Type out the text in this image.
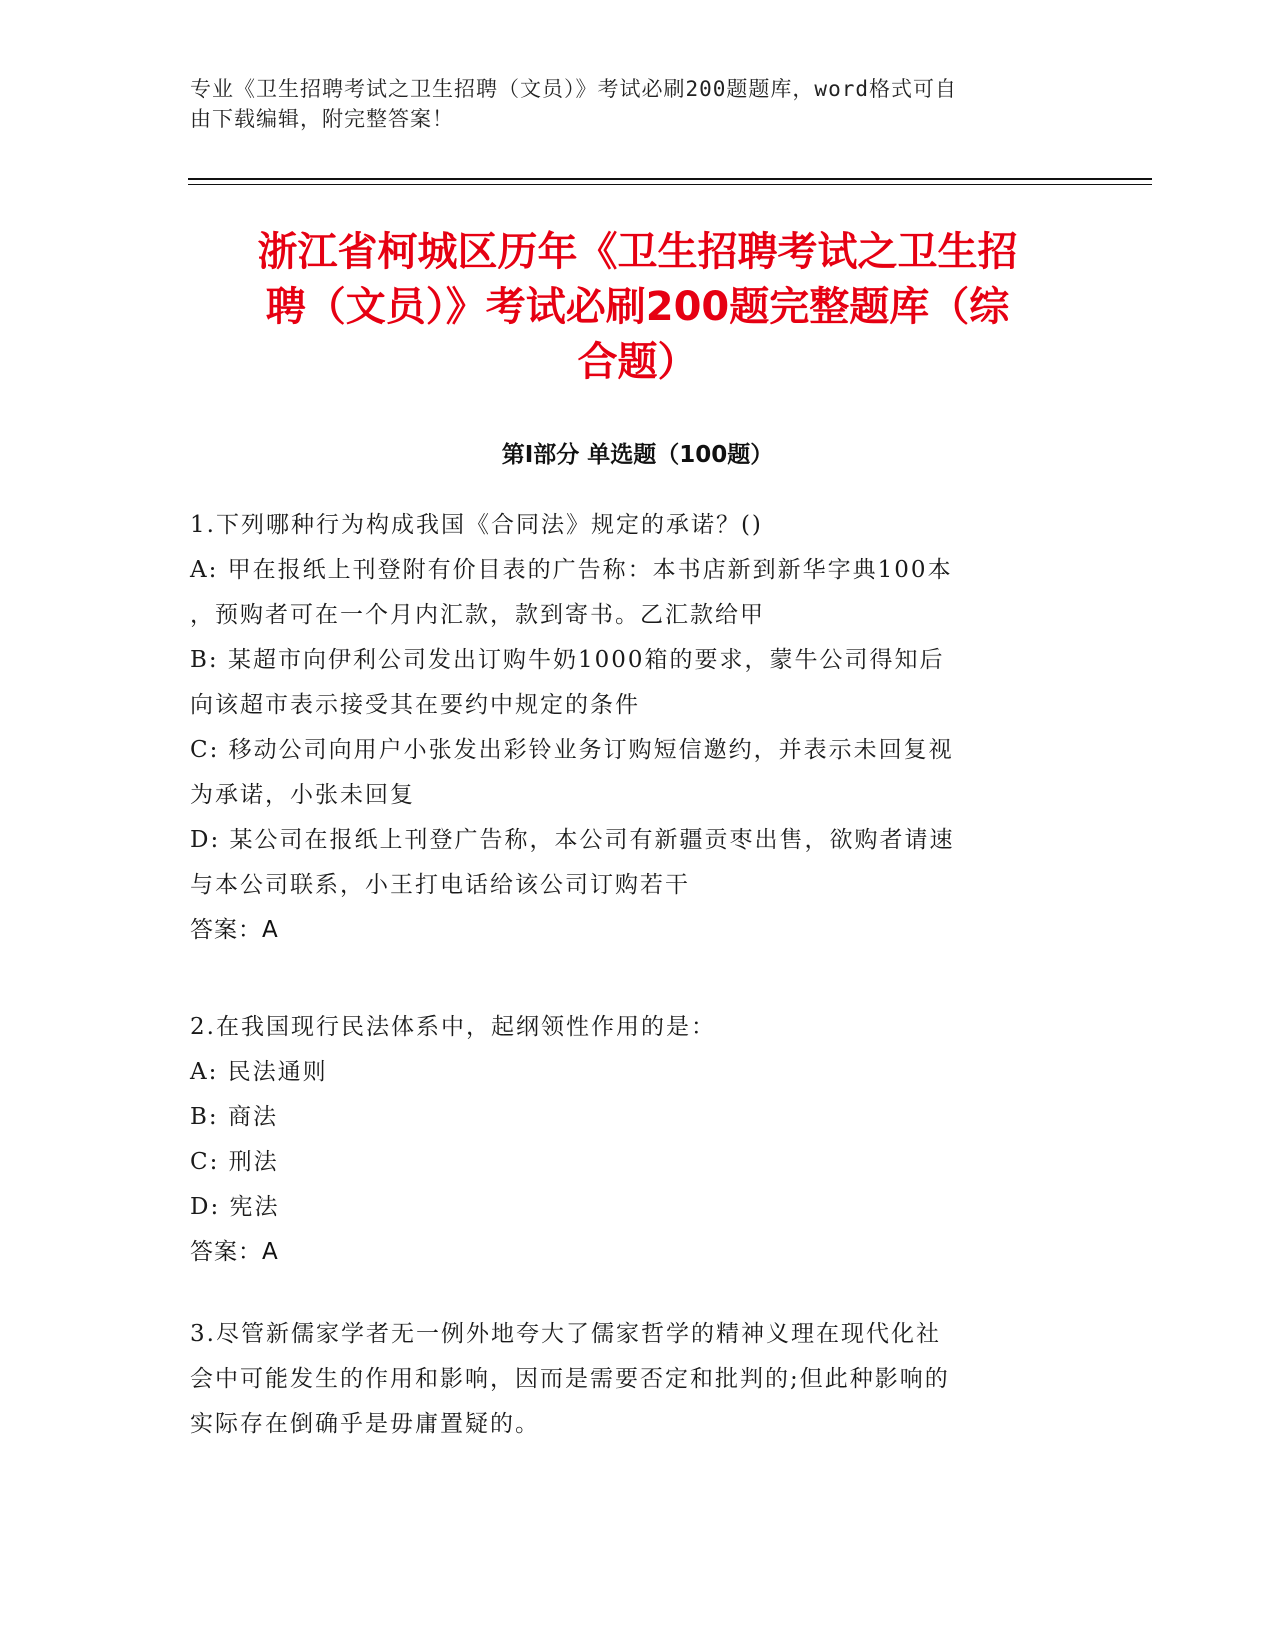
专业《卫生招聘考试之卫生招聘（文员）》考试必刷200题题库，word格式可自
由下载编辑，附完整答案！
浙江省柯城区历年《卫生招聘考试之卫生招
聘（文员）》考试必刷200题完整题库（综
合题）
第Ⅰ部分 单选题（100题）
1.下列哪种行为构成我国《合同法》规定的承诺？()
A: 甲在报纸上刊登附有价目表的广告称：本书店新到新华字典100本
，预购者可在一个月内汇款，款到寄书。乙汇款给甲
B: 某超市向伊利公司发出订购牛奶1000箱的要求，蒙牛公司得知后
向该超市表示接受其在要约中规定的条件
C: 移动公司向用户小张发出彩铃业务订购短信邀约，并表示未回复视
为承诺，小张未回复
D: 某公司在报纸上刊登广告称，本公司有新疆贡枣出售，欲购者请速
与本公司联系，小王打电话给该公司订购若干
答案：A
2.在我国现行民法体系中，起纲领性作用的是：
A: 民法通则
B: 商法
C: 刑法
D: 宪法
答案：A
3.尽管新儒家学者无一例外地夸大了儒家哲学的精神义理在现代化社
会中可能发生的作用和影响，因而是需要否定和批判的;但此种影响的
实际存在倒确乎是毋庸置疑的。
